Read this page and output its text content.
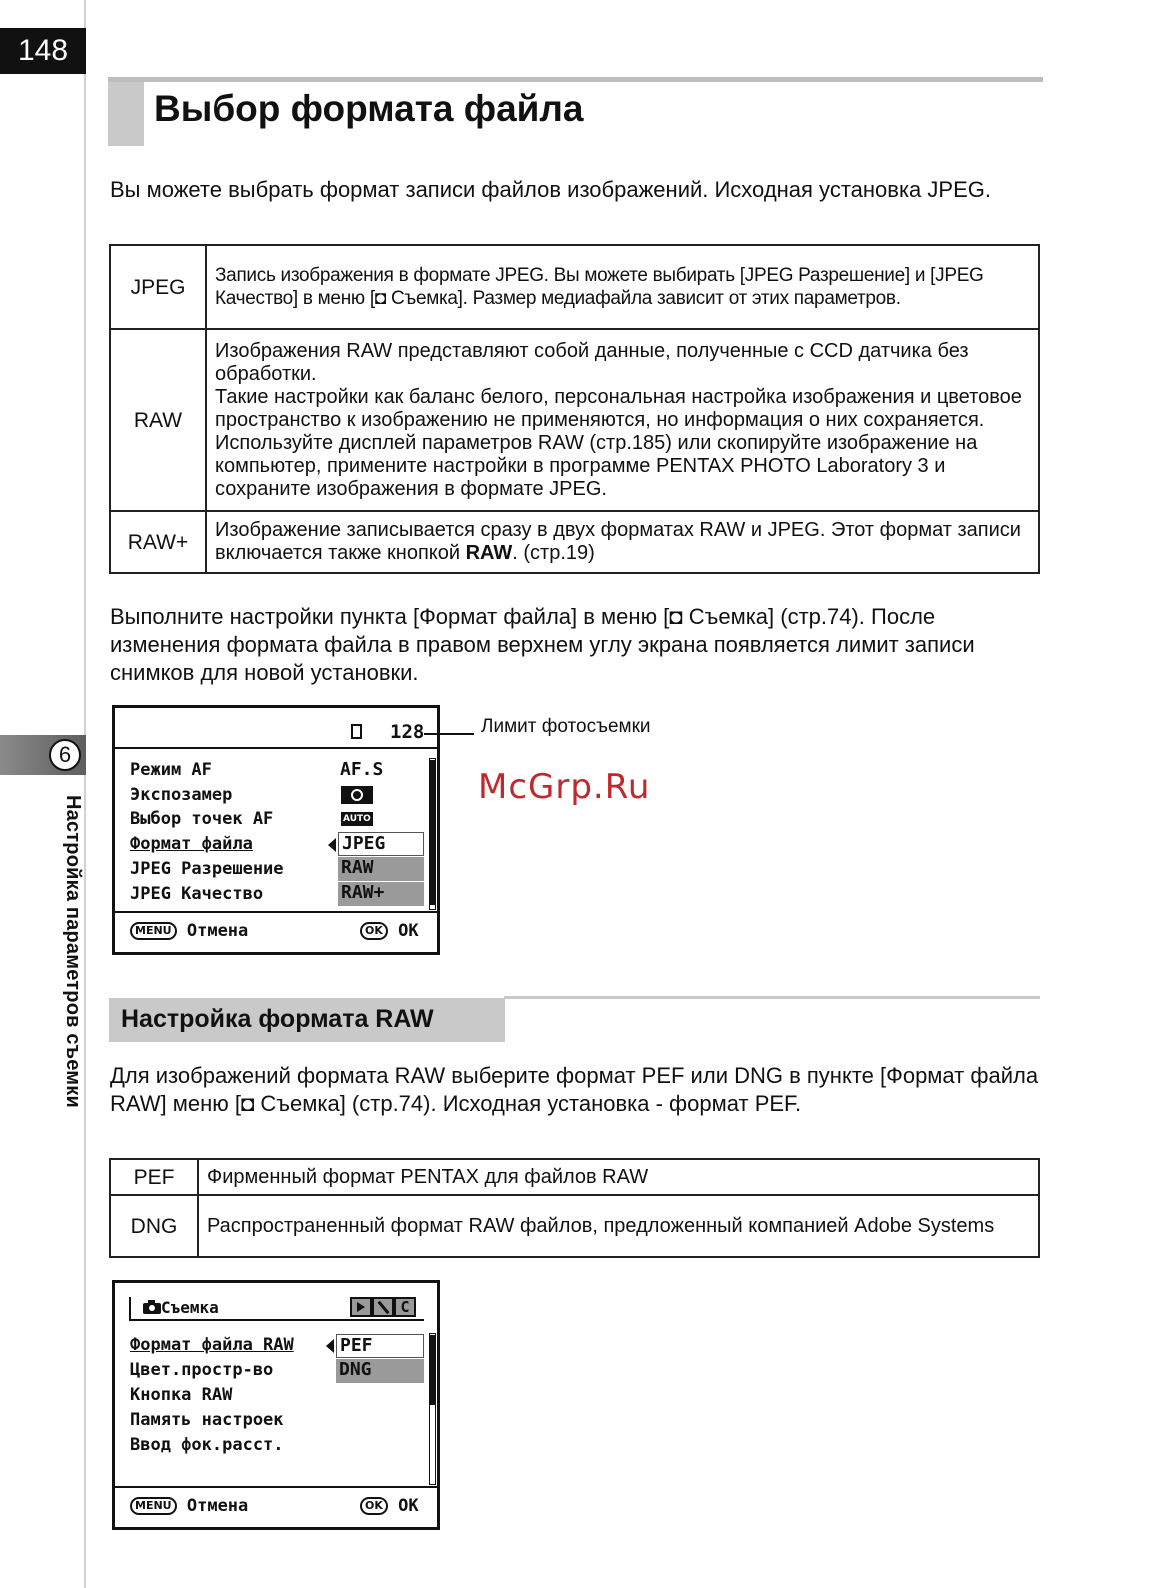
148
6
Настройка параметров съемки
Выбор формата файла
Вы можете выбрать формат записи файлов изображений. Исходная установка JPEG.
JPEG	Запись изображения в формате JPEG. Вы можете выбирать [JPEG Разрешение] и [JPEG Качество] в меню [◘ Съемка]. Размер медиафайла зависит от этих параметров.
RAW	Изображения RAW представляют собой данные, полученные с CCD датчика без обработки.
Такие настройки как баланс белого, персональная настройка изображения и цветовое пространство к изображению не применяются, но информация о них сохраняется. Используйте дисплей параметров RAW (стр.185) или скопируйте изображение на компьютер, примените настройки в программе PENTAX PHOTO Laboratory 3 и сохраните изображения в формате JPEG.
RAW+	Изображение записывается сразу в двух форматах RAW и JPEG. Этот формат записи включается также кнопкой RAW. (стр.19)
Выполните настройки пункта [Формат файла] в меню [◘ Съемка] (стр.74). После изменения формата файла в правом верхнем углу экрана появляется лимит записи снимков для новой установки.
128
Режим AF	AF.S
Экспозамер
Выбор точек AF	AUTO
Формат файла
JPEG Разрешение
JPEG Качество
JPEG
RAW
RAW+
MENU Отмена	OK OK
Лимит фотосъемки
McGrp.Ru
Настройка формата RAW
Для изображений формата RAW выберите формат PEF или DNG в пункте [Формат файла RAW] меню [◘ Съемка] (стр.74). Исходная установка - формат PEF.
PEF	Фирменный формат PENTAX для файлов RAW
DNG	Распространенный формат RAW файлов, предложенный компанией Adobe Systems
Съемка	C
Формат файла RAW
Цвет.простр-во
Кнопка RAW
Память настроек
Ввод фок.расст.
PEF
DNG
MENU Отмена	OK OK
